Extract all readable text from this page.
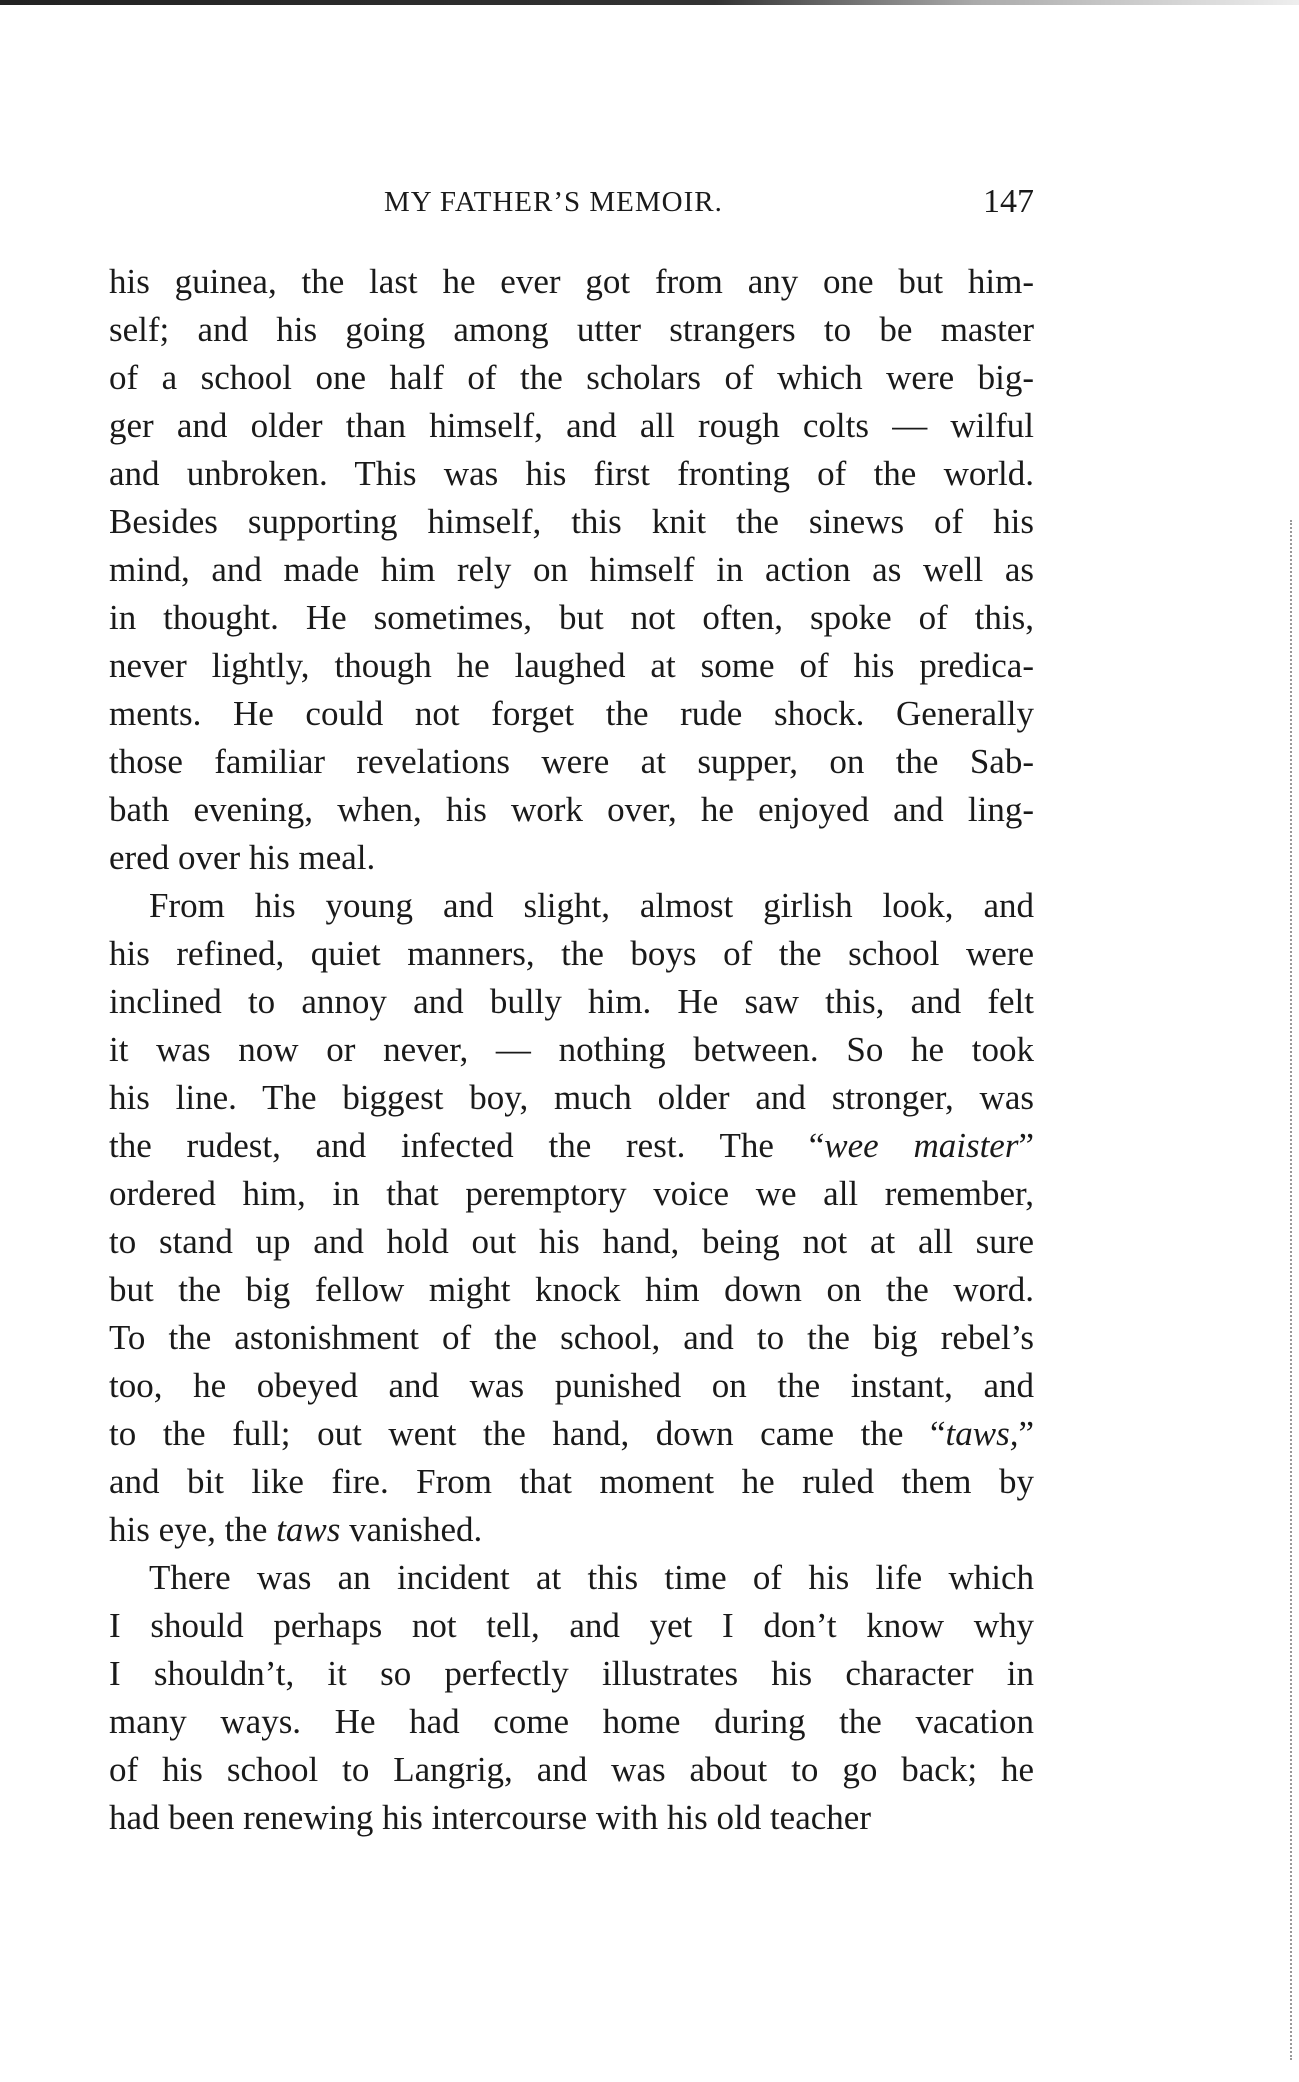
MY FATHER’S MEMOIR.	147
his guinea, the last he ever got from any one but him-
self; and his going among utter strangers to be master
of a school one half of the scholars of which were big-
ger and older than himself, and all rough colts — wilful
and unbroken. This was his first fronting of the world.
Besides supporting himself, this knit the sinews of his
mind, and made him rely on himself in action as well as
in thought. He sometimes, but not often, spoke of this,
never lightly, though he laughed at some of his predica-
ments. He could not forget the rude shock. Generally
those familiar revelations were at supper, on the Sab-
bath evening, when, his work over, he enjoyed and ling-
ered over his meal.
From his young and slight, almost girlish look, and
his refined, quiet manners, the boys of the school were
inclined to annoy and bully him. He saw this, and felt
it was now or never, — nothing between. So he took
his line. The biggest boy, much older and stronger, was
the rudest, and infected the rest. The “wee maister”
ordered him, in that peremptory voice we all remember,
to stand up and hold out his hand, being not at all sure
but the big fellow might knock him down on the word.
To the astonishment of the school, and to the big rebel’s
too, he obeyed and was punished on the instant, and
to the full; out went the hand, down came the “taws,”
and bit like fire. From that moment he ruled them by
his eye, the taws vanished.
There was an incident at this time of his life which
I should perhaps not tell, and yet I don’t know why
I shouldn’t, it so perfectly illustrates his character in
many ways. He had come home during the vacation
of his school to Langrig, and was about to go back; he
had been renewing his intercourse with his old teacher
